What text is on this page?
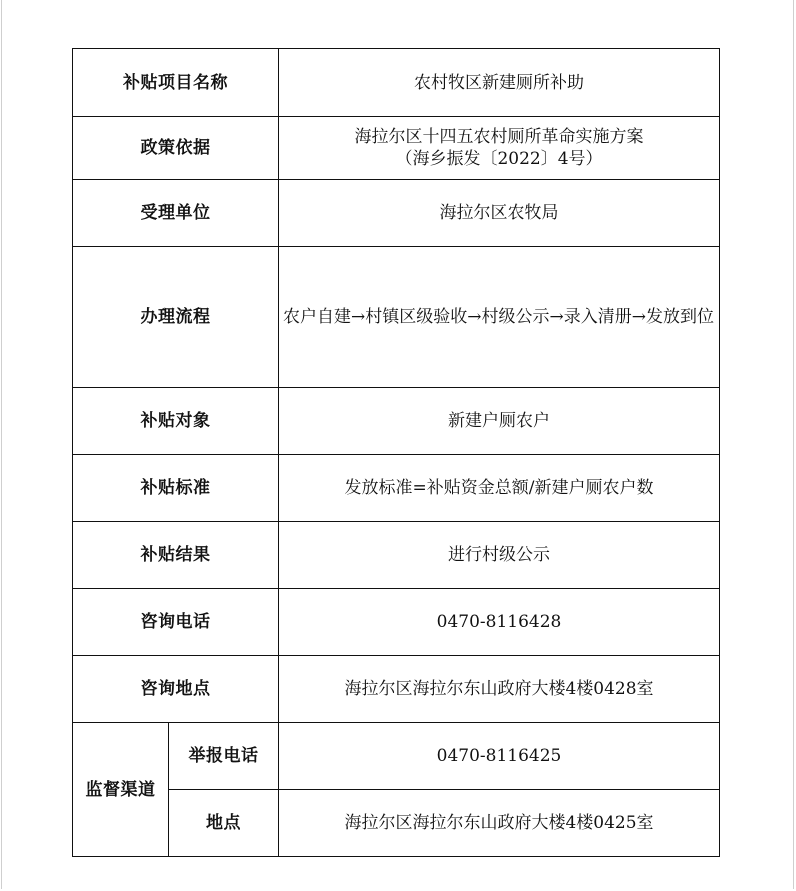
补贴项目名称		农村牧区新建厕所补助
政策依据		海拉尔区十四五农村厕所革命实施方案
（海乡振发〔2022〕4号）

受理单位		海拉尔区农牧局
办理流程		农户自建→村镇区级验收→村级公示→录入清册→发放到位
补贴对象		新建户厕农户
补贴标准		发放标准=补贴资金总额/新建户厕农户数
补贴结果		进行村级公示
咨询电话		0470-8116428
咨询地点		海拉尔区海拉尔东山政府大楼4楼0428室
监督渠道	举报电话	0470-8116425
	地点	海拉尔区海拉尔东山政府大楼4楼0425室
